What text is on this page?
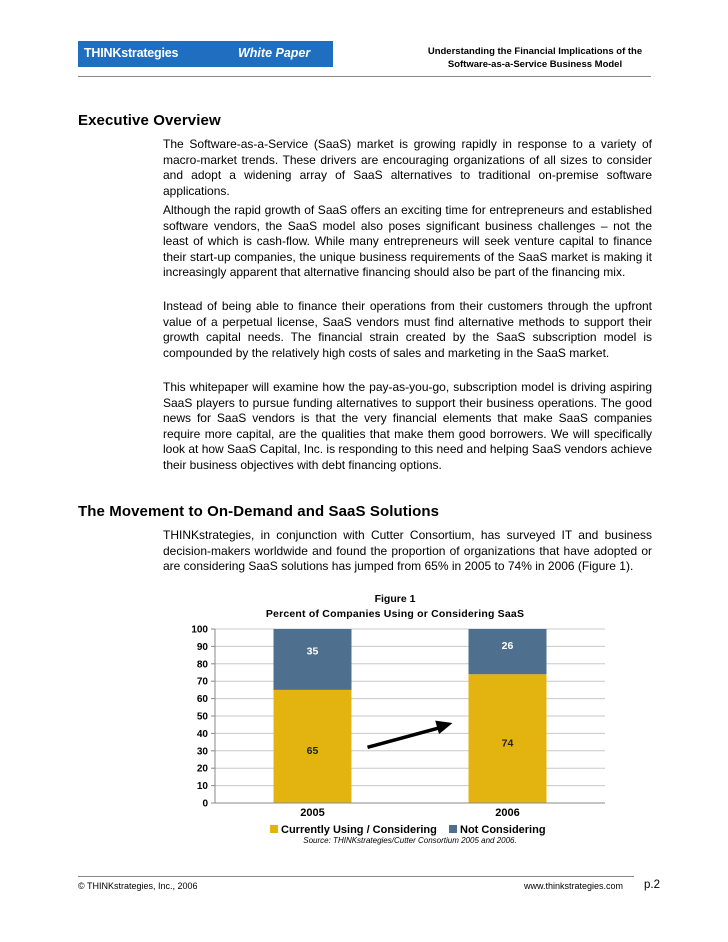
THINKstrategies	White Paper	Understanding the Financial Implications of the
Software-as-a-Service Business Model
Executive Overview

The Software-as-a-Service (SaaS) market is growing rapidly in response to a variety of macro-market trends. These drivers are encouraging organizations of all sizes to consider and adopt a widening array of SaaS alternatives to traditional on-premise software applications.

Although the rapid growth of SaaS offers an exciting time for entrepreneurs and established software vendors, the SaaS model also poses significant business challenges – not the least of which is cash-flow. While many entrepreneurs will seek venture capital to finance their start-up companies, the unique business requirements of the SaaS market is making it increasingly apparent that alternative financing should also be part of the financing mix.

Instead of being able to finance their operations from their customers through the upfront value of a perpetual license, SaaS vendors must find alternative methods to support their growth capital needs. The financial strain created by the SaaS subscription model is compounded by the relatively high costs of sales and marketing in the SaaS market.

This whitepaper will examine how the pay-as-you-go, subscription model is driving aspiring SaaS players to pursue funding alternatives to support their business operations. The good news for SaaS vendors is that the very financial elements that make SaaS companies require more capital, are the qualities that make them good borrowers. We will specifically look at how SaaS Capital, Inc. is responding to this need and helping SaaS vendors achieve their business objectives with debt financing options.

The Movement to On-Demand and SaaS Solutions

THINKstrategies, in conjunction with Cutter Consortium, has surveyed IT and business decision-makers worldwide and found the proportion of organizations that have adopted or are considering SaaS solutions has jumped from 65% in 2005 to 74% in 2006 (Figure 1).

Figure 1
Percent of Companies Using or Considering SaaS
0
10
20
30
40
50
60
70
80
90
100
65
35
2005
74
26
2006
Currently Using / Considering Not Considering
Source: THINKstrategies/Cutter Consortium 2005 and 2006.
© THINKstrategies, Inc., 2006	www.thinkstrategies.com p.2
